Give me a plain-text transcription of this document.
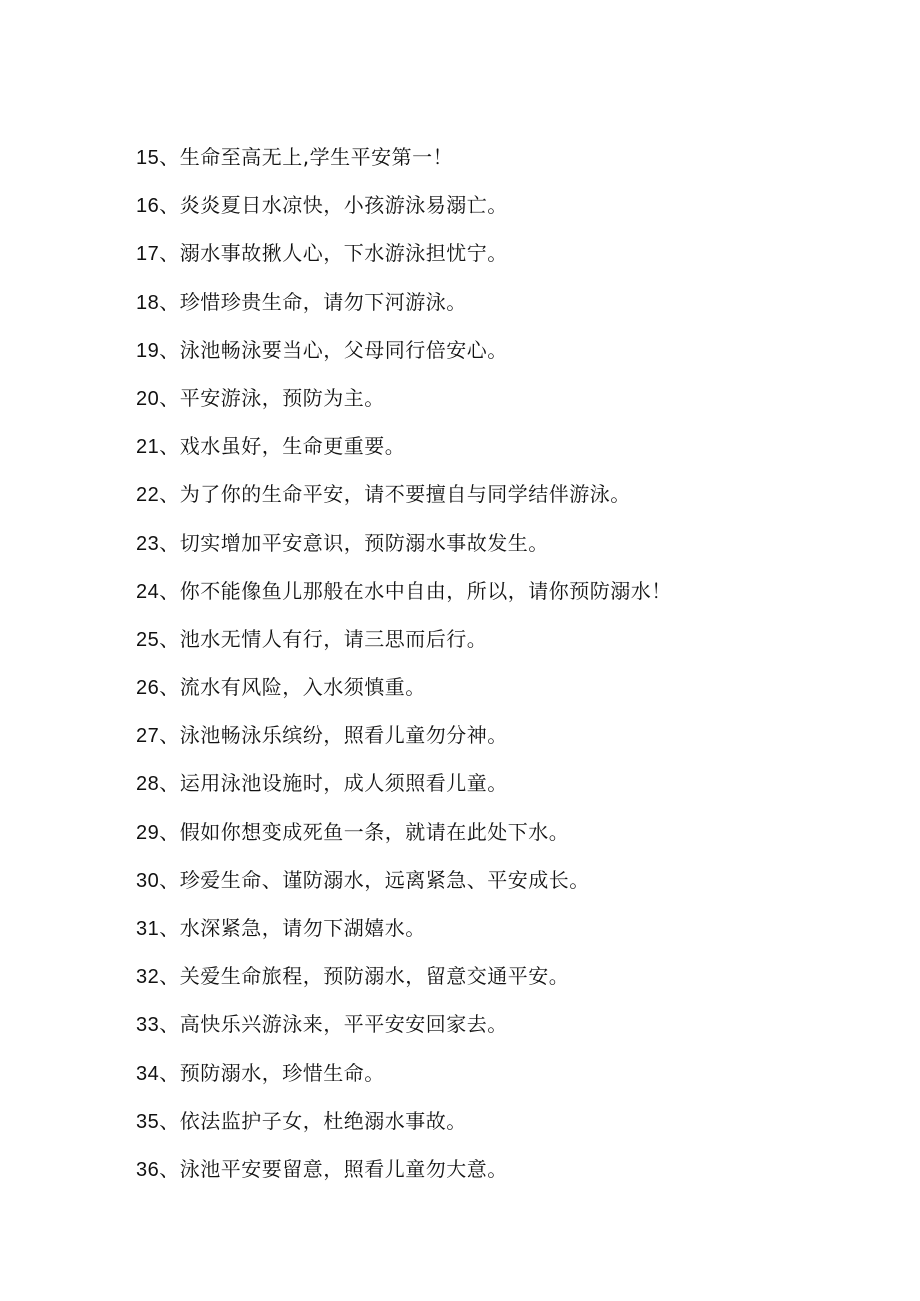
15、生命至高无上,学生平安第一！
16、炎炎夏日水凉快，小孩游泳易溺亡。
17、溺水事故揪人心，下水游泳担忧宁。
18、珍惜珍贵生命，请勿下河游泳。
19、泳池畅泳要当心，父母同行倍安心。
20、平安游泳，预防为主。
21、戏水虽好，生命更重要。
22、为了你的生命平安，请不要擅自与同学结伴游泳。
23、切实增加平安意识，预防溺水事故发生。
24、你不能像鱼儿那般在水中自由，所以，请你预防溺水！
25、池水无情人有行，请三思而后行。
26、流水有风险，入水须慎重。
27、泳池畅泳乐缤纷，照看儿童勿分神。
28、运用泳池设施时，成人须照看儿童。
29、假如你想变成死鱼一条，就请在此处下水。
30、珍爱生命、谨防溺水，远离紧急、平安成长。
31、水深紧急，请勿下湖嬉水。
32、关爱生命旅程，预防溺水，留意交通平安。
33、高快乐兴游泳来，平平安安回家去。
34、预防溺水，珍惜生命。
35、依法监护子女，杜绝溺水事故。
36、泳池平安要留意，照看儿童勿大意。
